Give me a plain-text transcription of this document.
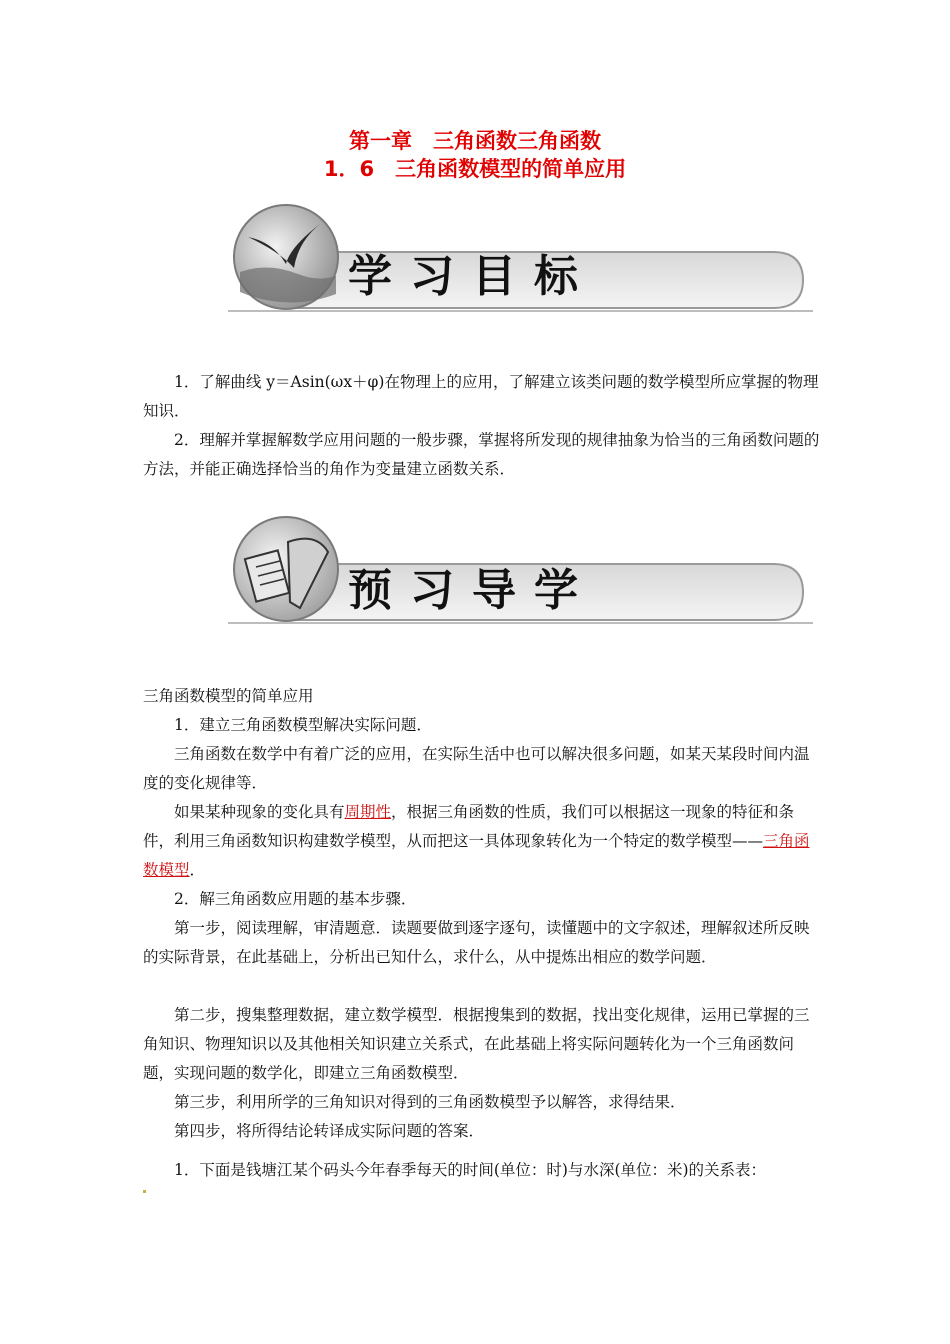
第一章　三角函数三角函数
1．6　三角函数模型的简单应用
学习目标
1．了解曲线 y＝Asin(ωx＋φ)在物理上的应用，了解建立该类问题的数学模型所应掌握的物理知识．
2．理解并掌握解数学应用问题的一般步骤，掌握将所发现的规律抽象为恰当的三角函数问题的方法，并能正确选择恰当的角作为变量建立函数关系．
预习导学
三角函数模型的简单应用
1．建立三角函数模型解决实际问题．
三角函数在数学中有着广泛的应用，在实际生活中也可以解决很多问题，如某天某段时间内温度的变化规律等．
如果某种现象的变化具有周期性，根据三角函数的性质，我们可以根据这一现象的特征和条件，利用三角函数知识构建数学模型，从而把这一具体现象转化为一个特定的数学模型——三角函数模型．
2．解三角函数应用题的基本步骤．
第一步，阅读理解，审清题意．读题要做到逐字逐句，读懂题中的文字叙述，理解叙述所反映的实际背景，在此基础上，分析出已知什么，求什么，从中提炼出相应的数学问题．
第二步，搜集整理数据，建立数学模型．根据搜集到的数据，找出变化规律，运用已掌握的三角知识、物理知识以及其他相关知识建立关系式，在此基础上将实际问题转化为一个三角函数问题，实现问题的数学化，即建立三角函数模型．
第三步，利用所学的三角知识对得到的三角函数模型予以解答，求得结果．
第四步，将所得结论转译成实际问题的答案．
1．下面是钱塘江某个码头今年春季每天的时间(单位：时)与水深(单位：米)的关系表：
